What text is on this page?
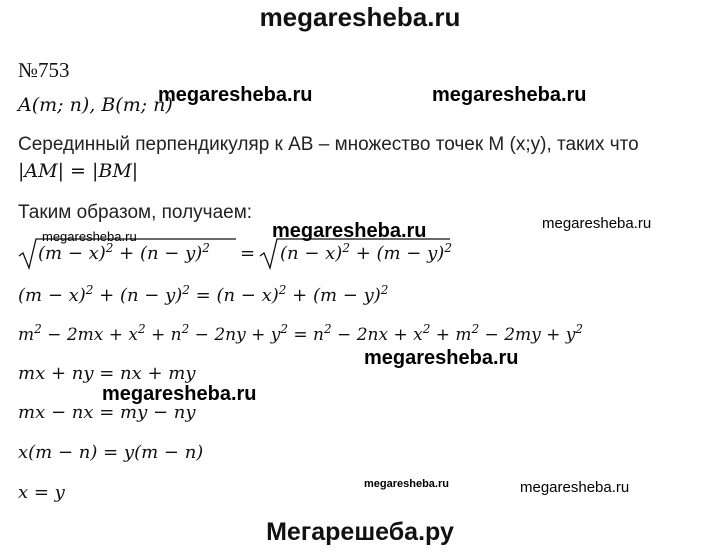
megaresheba.ru
№753
A(m; n), B(m; n)
Серединный перпендикуляр к AB – множество точек M (x;y), таких что
|AM| = |BM|
Таким образом, получаем:
$(m - x)^2 + (n - y)^2 = (n - x)^2 + (m - y)^2$
$(m - x)^2 + (n - y)^2 = (n - x)^2 + (m - y)^2$
$m^2 - 2mx + x^2 + n^2 - 2ny + y^2 = n^2 - 2nx + x^2 + m^2 - 2my + y^2$
mx + ny = nx + my
mx − nx = my − ny
x(m − n) = y(m − n)
x = y
megaresheba.ru	megaresheba.ru
megaresheba.ru	megaresheba.ru
megaresheba.ru
megaresheba.ru
megaresheba.ru
megaresheba.ru	megaresheba.ru
Мегарешеба.ру
